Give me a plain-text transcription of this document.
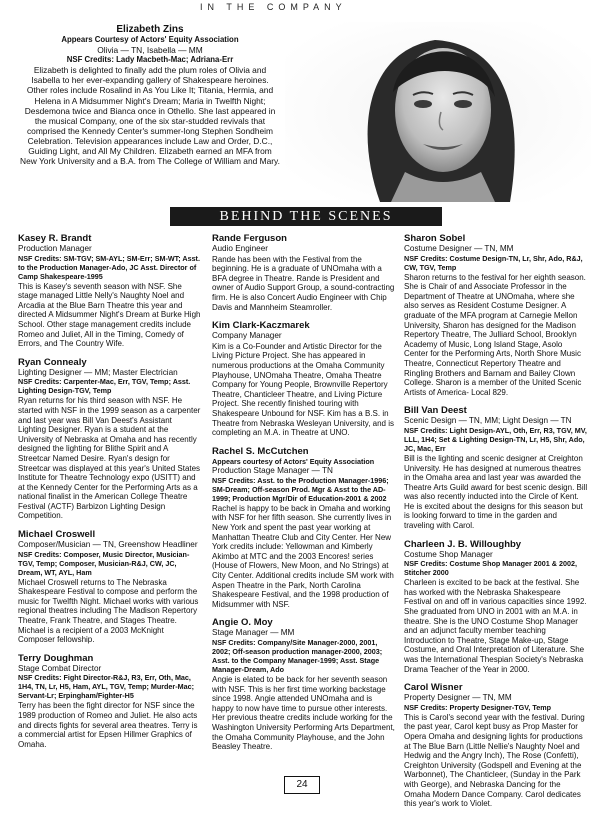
IN THE COMPANY
Elizabeth Zins
Appears Courtesy of Actors' Equity Association
Olivia — TN, Isabella — MM
NSF Credits: Lady Macbeth-Mac; Adriana-Err
Elizabeth is delighted to finally add the plum roles of Olivia and Isabella to her ever-expanding gallery of Shakespeare heroines. Other roles include Rosalind in As You Like It; Titania, Hermia, and Helena in A Midsummer Night's Dream; Maria in Twelfth Night; Desdemona twice and Bianca once in Othello. She last appeared in the musical Company, one of the six star-studded revivals that comprised the Kennedy Center's summer-long Stephen Sondheim Celebration. Television appearances include Law and Order, D.C., Guiding Light, and All My Children. Elizabeth earned an MFA from New York University and a B.A. from The College of William and Mary.
BEHIND THE SCENES
Kasey R. Brandt
Production Manager
NSF Credits: SM-TGV; SM-AYL; SM-Err; SM-WT; Asst. to the Production Manager-Ado, JC Asst. Director of Camp Shakespeare-1995
This is Kasey's seventh season with NSF. She stage managed Little Nelly's Naughty Noel and Arcadia at the Blue Barn Theatre this year and directed A Midsummer Night's Dream at Burke High School. Other stage management credits include Romeo and Juliet, All in the Timing, Comedy of Errors, and The Country Wife.
Ryan Connealy
Lighting Designer — MM; Master Electrician
NSF Credits: Carpenter-Mac, Err, TGV, Temp; Asst. Lighting Design-TGV, Temp
Ryan returns for his third season with NSF. He started with NSF in the 1999 season as a carpenter and last year was Bill Van Deest's Assistant Lighting Designer. Ryan is a student at the University of Nebraska at Omaha and has recently designed the lighting for Blithe Spirit and A Streetcar Named Desire. Ryan's design for Streetcar was displayed at this year's United States Institute for Theatre Technology expo (USITT) and at the Kennedy Center for the Performing Arts as a national finalist in the American College Theatre Festival (ACTF) Barbizon Lighting Design Competition.
Michael Croswell
Composer/Musician — TN, Greenshow Headliner
NSF Credits: Composer, Music Director, Musician-TGV, Temp; Composer, Musician-R&J, CW, JC, Dream, WT, AYL, Ham
Michael Croswell returns to The Nebraska Shakespeare Festival to compose and perform the music for Twelfth Night. Michael works with various regional theatres including The Madison Repertory Theatre, Frank Theatre, and Stages Theatre. Michael is a recipient of a 2003 McKnight Composer fellowship.
Terry Doughman
Stage Combat Director
NSF Credits: Fight Director-R&J, R3, Err, Oth, Mac, 1H4, TN, Lr, H5, Ham, AYL, TGV, Temp; Murder-Mac; Servant-Lr; Erpingham/Fighter-H5
Terry has been the fight director for NSF since the 1989 production of Romeo and Juliet. He also acts and directs fights for several area theatres. Terry is a commercial artist for Epsen Hillmer Graphics of Omaha.
Rande Ferguson
Audio Engineer
Rande has been with the Festival from the beginning. He is a graduate of UNOmaha with a BFA degree in Theatre. Rande is President and owner of Audio Support Group, a sound-contracting firm. He is also Concert Audio Engineer with Chip Davis and Mannheim Steamroller.
Kim Clark-Kaczmarek
Company Manager
Kim is a Co-Founder and Artistic Director for the Living Picture Project. She has appeared in numerous productions at the Omaha Community Playhouse, UNOmaha Theatre, Omaha Theatre Company for Young People, Brownville Repertory Theatre, Chanticleer Theatre, and Living Picture Project. She recently finished touring with Shakespeare Unbound for NSF. Kim has a B.S. in Theatre from Nebraska Wesleyan University, and is completing an M.A. in Theatre at UNO.
Rachel S. McCutchen
Appears courtesy of Actors' Equity Association
Production Stage Manager — TN
NSF Credits: Asst. to the Production Manager-1996; SM-Dream; Off-season Prod. Mgr & Asst to the AD-1999; Production Mgr/Dir of Education-2001 & 2002
Rachel is happy to be back in Omaha and working with NSF for her fifth season. She currently lives in New York and spent the past year working at Manhattan Theatre Club and City Center. Her New York credits include: Yellowman and Kimberly Akimbo at MTC and the 2003 Encores! series (House of Flowers, New Moon, and No Strings) at City Center. Additional credits include SM work with Aspen Theatre in the Park, North Carolina Shakespeare Festival, and the 1998 production of Midsummer with NSF.
Angie O. Moy
Stage Manager — MM
NSF Credits: Company/Site Manager-2000, 2001, 2002; Off-season production manager-2000, 2003; Asst. to the Company Manager-1999; Asst. Stage Manager-Dream, Ado
Angie is elated to be back for her seventh season with NSF. This is her first time working backstage since 1998. Angie attended UNOmaha and is happy to now have time to pursue other interests. Her previous theatre credits include working for the Washington University Performing Arts Department, the Omaha Community Playhouse, and the John Beasley Theatre.
Sharon Sobel
Costume Designer — TN, MM
NSF Credits: Costume Design-TN, Lr, Shr, Ado, R&J, CW, TGV, Temp
Sharon returns to the festival for her eighth season. She is Chair of and Associate Professor in the Department of Theatre at UNOmaha, where she also serves as Resident Costume Designer. A graduate of the MFA program at Carnegie Mellon University, Sharon has designed for the Madison Repertory Theatre, The Julliard School, Brooklyn Academy of Music, Long Island Stage, Asolo Center for the Performing Arts, North Shore Music Theatre, Connecticut Repertory Theatre and Ringling Brothers and Barnam and Bailey Clown College. Sharon is a member of the United Scenic Artists of America- Local 829.
Bill Van Deest
Scenic Design — TN, MM; Light Design — TN
NSF Credits: Light Design-AYL, Oth, Err, R3, TGV, MV, LLL, 1H4; Set & Lighting Design-TN, Lr, H5, Shr, Ado, JC, Mac, Err
Bill is the lighting and scenic designer at Creighton University. He has designed at numerous theatres in the Omaha area and last year was awarded the Theatre Arts Guild award for best scenic design. Bill was also recently inducted into the Circle of Kent. He is excited about the designs for this season but is looking forward to time in the garden and traveling with Carol.
Charleen J. B. Willoughby
Costume Shop Manager
NSF Credits: Costume Shop Manager 2001 & 2002, Stitcher 2000
Charleen is excited to be back at the festival. She has worked with the Nebraska Shakespeare Festival on and off in various capacities since 1992. She graduated from UNO in 2001 with an M.A. in theatre. She is the UNO Costume Shop Manager and an adjunct faculty member teaching Introduction to Theatre, Stage Make-up, Stage Costume, and Oral Interpretation of Literature. She was the International Thespian Society's Nebraska Drama Teacher of the Year in 2000.
Carol Wisner
Property Designer — TN, MM
NSF Credits: Property Designer-TGV, Temp
This is Carol's second year with the festival. During the past year, Carol kept busy as Prop Master for Opera Omaha and designing lights for productions at The Blue Barn (Little Nellie's Naughty Noel and Hedwig and the Angry Inch), The Rose (Confetti), Creighton University (Godspell and Evening at the Warbonnet), The Chanticleer, (Sunday in the Park with George), and Nebraska Dancing for the Omaha Modern Dance Company. Carol dedicates this year's work to Violet.
24
